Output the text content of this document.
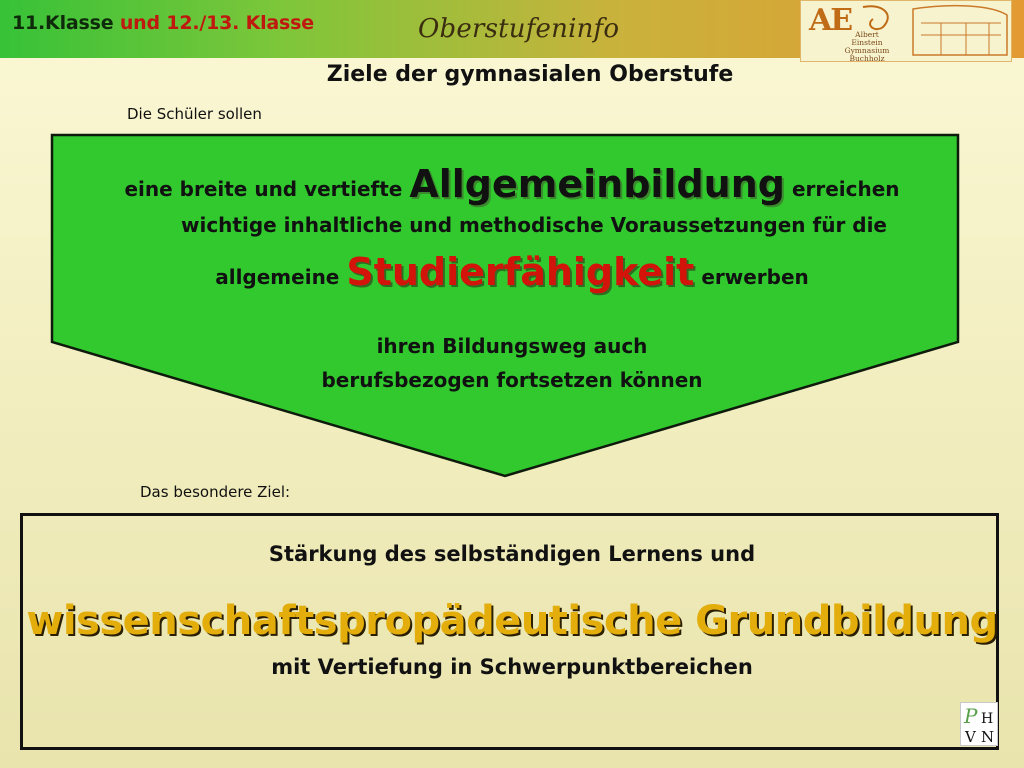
11.Klasse und 12./13. Klasse	Oberstufeninfo	AE Albert
Einstein
Gymnasium
Buchholz
Ziele der gymnasialen Oberstufe
Die Schüler sollen
eine breite und vertiefte Allgemeinbildung erreichen
wichtige inhaltliche und methodische Voraussetzungen für die
allgemeine Studierfähigkeit erwerben
ihren Bildungsweg auch
berufsbezogen fortsetzen können
Das besondere Ziel:
Stärkung des selbständigen Lernens und
wissenschaftspropädeutische Grundbildung
mit Vertiefung in Schwerpunktbereichen
P H
V N
